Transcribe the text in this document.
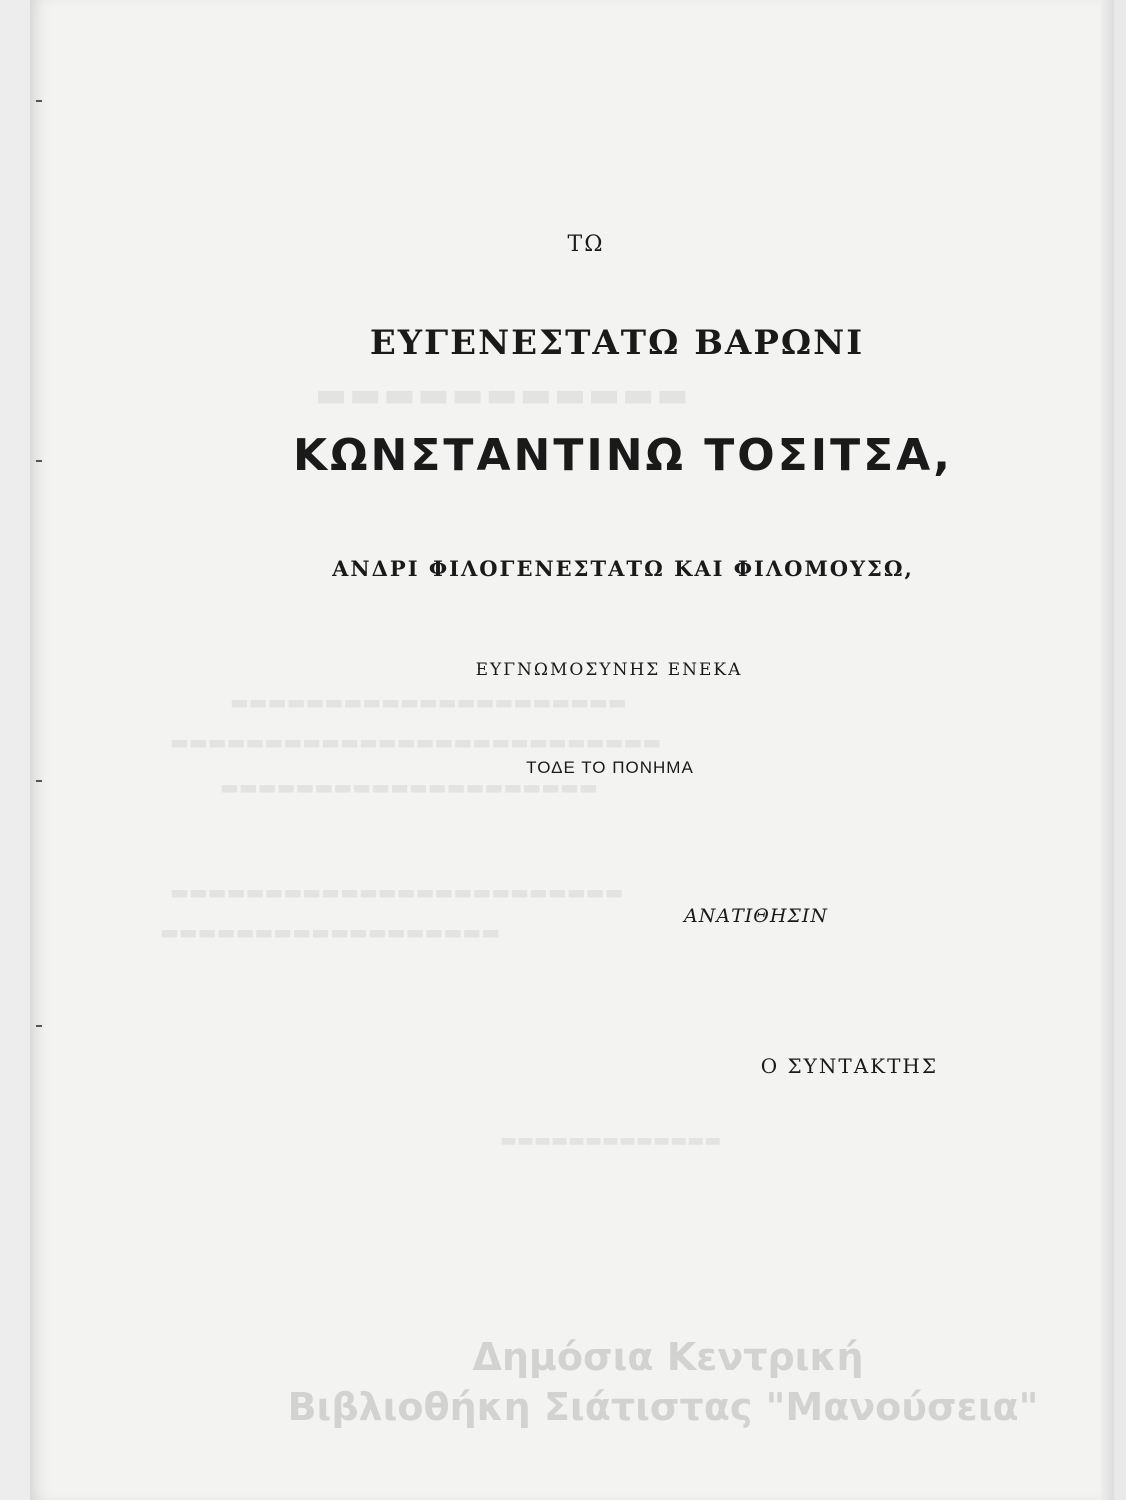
▬▬▬▬▬▬▬▬▬▬▬
▬▬▬▬▬▬▬▬▬▬▬▬▬▬▬▬▬▬▬▬▬
▬▬▬▬▬▬▬▬▬▬▬▬▬▬▬▬▬▬▬▬▬▬▬▬▬▬
▬▬▬▬▬▬▬▬▬▬▬▬▬▬▬▬▬▬▬▬
▬▬▬▬▬▬▬▬▬▬▬▬▬▬▬▬▬▬▬▬▬▬▬▬
▬▬▬▬▬▬▬▬▬▬▬▬▬▬▬▬▬▬
▬▬▬▬▬▬▬▬▬▬▬▬▬
ΤΩ
ΕΥΓΕΝΕΣΤΑΤΩ ΒΑΡΩΝΙ
ΚΩΝΣΤΑΝΤΙΝΩ ΤΟΣΙΤΣΑ,
ΑΝΔΡΙ ΦΙΛΟΓΕΝΕΣΤΑΤΩ ΚΑΙ ΦΙΛΟΜΟΥΣΩ,
ΕΥΓΝΩΜΟΣΥΝΗΣ ΕΝΕΚΑ
ΤΟΔΕ ΤΟ ΠΟΝΗΜΑ
ΑΝΑΤΙΘΗΣΙΝ
Ο ΣΥΝΤΑΚΤΗΣ
Δημόσια Κεντρική
Βιβλιοθήκη Σιάτιστας "Μανούσεια"
